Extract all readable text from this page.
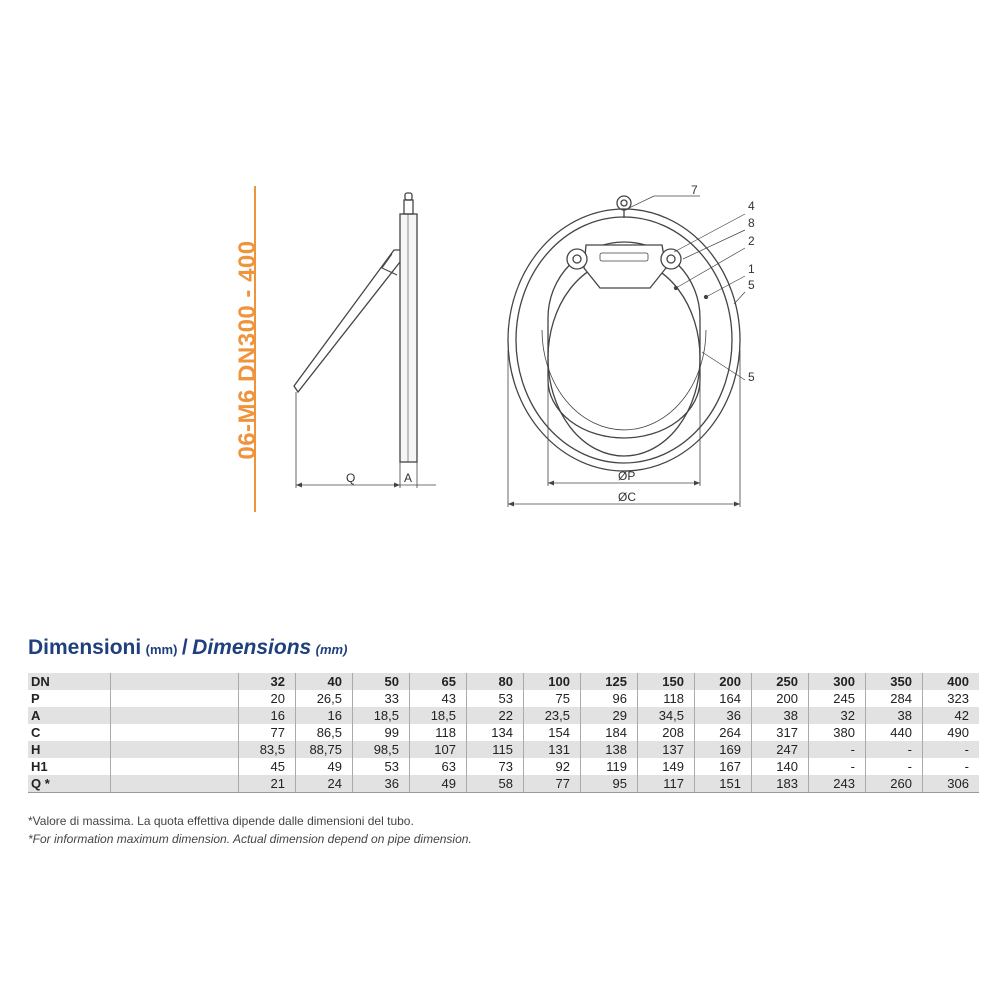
06-M6 DN300 - 400
Q	A	ØP
ØC
7
4
8
2
1
5
5
Dimensioni (mm) / Dimensions (mm)
DN		32	40	50	65	80	100	125	150	200	250	300	350	400
P		20	26,5	33	43	53	75	96	118	164	200	245	284	323
A		16	16	18,5	18,5	22	23,5	29	34,5	36	38	32	38	42
C		77	86,5	99	118	134	154	184	208	264	317	380	440	490
H		83,5	88,75	98,5	107	115	131	138	137	169	247	-	-	-
H1		45	49	53	63	73	92	119	149	167	140	-	-	-
Q *		21	24	36	49	58	77	95	117	151	183	243	260	306
*Valore di massima. La quota effettiva dipende dalle dimensioni del tubo.
*For information maximum dimension. Actual dimension depend on pipe dimension.
